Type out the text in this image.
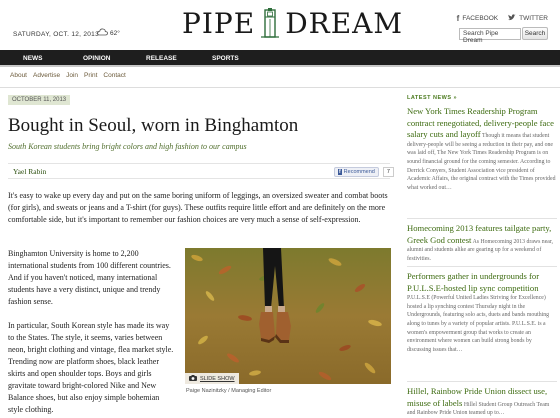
PIPE DREAM
SATURDAY, OCT. 12, 2013 62°
f FACEBOOK	TWITTER
Search Pipe Dream
Search
NEWS	OPINION	RELEASE	SPORTS
About Advertise Join Print Contact
OCTOBER 11, 2013
Bought in Seoul, worn in Binghamton
South Korean students bring bright colors and high fashion to our campus
Yael Rabin	f Recommend	7

It's easy to wake up every day and put on the same boring uniform of leggings, an oversized sweater and combat boots (for girls), and sweats or jeans and a T-shirt (for guys). These outfits require little effort and are definitely on the more comfortable side, but it's important to remember our fashion choices are very much a sense of self-expression.

Binghamton University is home to 2,200 international students from 100 different countries. And if you haven't noticed, many international students have a very distinct, unique and trendy fashion sense.

In particular, South Korean style has made its way to the States. The style, it seems, varies between neon, bright clothing and vintage, flea market style. Trending now are platform shoes, black leather skirts and open shoulder tops. Boys and girls gravitate toward bright-colored Nike and New Balance shoes, but also enjoy simple bohemian style clothing.

SLIDE SHOW
Paige Nazinitzky / Managing Editor
LATEST NEWS »
New York Times Readership Program contract renegotiated, delivery-people face salary cuts and layoff Though it means that student delivery-people will be seeing a reduction in their pay, and one was laid off, The New York Times Readership Program is on sound financial ground for the coming semester. According to Derrick Conyers, Student Association vice president of Academic Affairs, the original contract with the Times provided what worked out…
Homecoming 2013 features tailgate party, Greek God contest As Homecoming 2013 draws near, alumni and students alike are gearing up for a weekend of festivities.
Performers gather in undergrounds for P.U.L.S.E-hosted lip sync competition P.U.L.S.E (Powerful United Ladies Striving for Excellence) hosted a lip synching contest Thursday night in the Undergrounds, featuring solo acts, duets and bands mouthing along to tunes by a variety of popular artists. P.U.L.S.E. is a women's empowerment group that works to create an environment where women can build strong bonds by discussing issues that…
Hillel, Rainbow Pride Union dissect use, misuse of labels Hillel Student Group Outreach Team and Rainbow Pride Union teamed up to…
